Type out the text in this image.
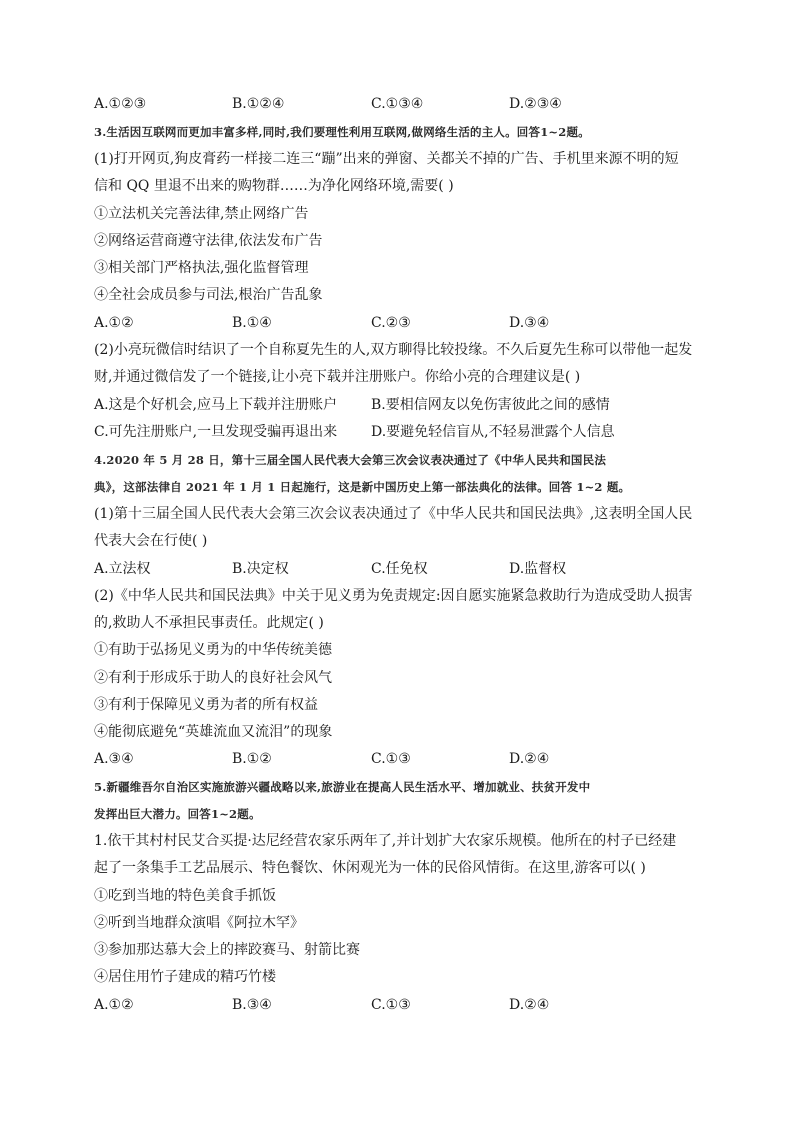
A.①②③	B.①②④	C.①③④	D.②③④
3.生活因互联网而更加丰富多样,同时,我们要理性利用互联网,做网络生活的主人。回答1~2题。
(1)打开网页,狗皮膏药一样接二连三“蹦”出来的弹窗、关都关不掉的广告、手机里来源不明的短
信和 QQ 里退不出来的购物群……为净化网络环境,需要( )
①立法机关完善法律,禁止网络广告
②网络运营商遵守法律,依法发布广告
③相关部门严格执法,强化监督管理
④全社会成员参与司法,根治广告乱象
A.①②	B.①④	C.②③	D.③④
(2)小亮玩微信时结识了一个自称夏先生的人,双方聊得比较投缘。不久后夏先生称可以带他一起发
财,并通过微信发了一个链接,让小亮下载并注册账户。你给小亮的合理建议是( )
A.这是个好机会,应马上下载并注册账户 B.要相信网友以免伤害彼此之间的感情
C.可先注册账户,一旦发现受骗再退出来 D.要避免轻信盲从,不轻易泄露个人信息
4.2020 年 5 月 28 日，第十三届全国人民代表大会第三次会议表决通过了《中华人民共和国民法
典》，这部法律自 2021 年 1 月 1 日起施行，这是新中国历史上第一部法典化的法律。回答 1~2 题。
(1)第十三届全国人民代表大会第三次会议表决通过了《中华人民共和国民法典》,这表明全国人民
代表大会在行使( )
A.立法权	B.决定权	C.任免权	D.监督权
(2)《中华人民共和国民法典》中关于见义勇为免责规定:因自愿实施紧急救助行为造成受助人损害
的,救助人不承担民事责任。此规定( )
①有助于弘扬见义勇为的中华传统美德
②有利于形成乐于助人的良好社会风气
③有利于保障见义勇为者的所有权益
④能彻底避免“英雄流血又流泪”的现象
A.③④	B.①②	C.①③	D.②④
5.新疆维吾尔自治区实施旅游兴疆战略以来,旅游业在提高人民生活水平、增加就业、扶贫开发中
发挥出巨大潜力。回答1~2题。
1.依干其村村民艾合买提·达尼经营农家乐两年了,并计划扩大农家乐规模。他所在的村子已经建
起了一条集手工艺品展示、特色餐饮、休闲观光为一体的民俗风情街。在这里,游客可以( )
①吃到当地的特色美食手抓饭
②听到当地群众演唱《阿拉木罕》
③参加那达慕大会上的摔跤赛马、射箭比赛
④居住用竹子建成的精巧竹楼
A.①②	B.③④	C.①③	D.②④
